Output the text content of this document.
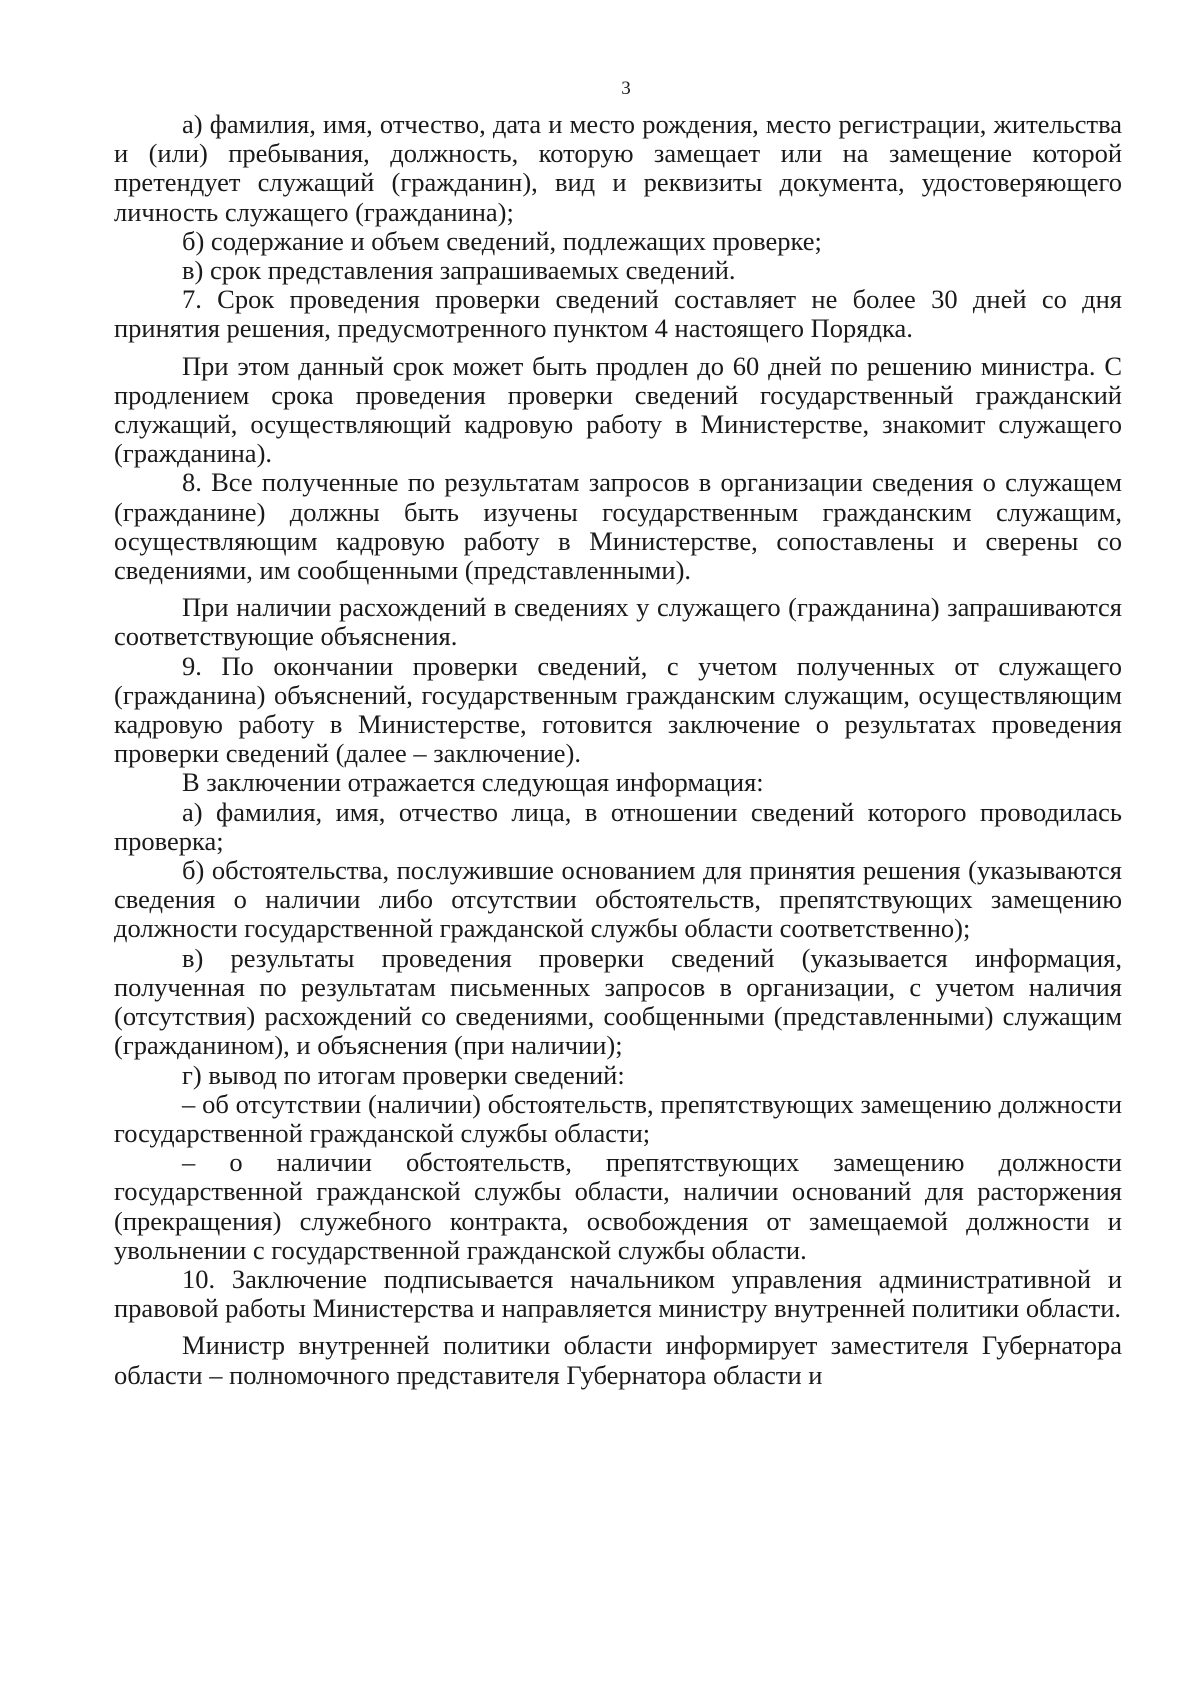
3

а) фамилия, имя, отчество, дата и место рождения, место регистрации, жительства и (или) пребывания, должность, которую замещает или на замещение которой претендует служащий (гражданин), вид и реквизиты документа, удостоверяющего личность служащего (гражданина);

б) содержание и объем сведений, подлежащих проверке;

в) срок представления запрашиваемых сведений.

7. Срок проведения проверки сведений составляет не более 30 дней со дня принятия решения, предусмотренного пунктом 4 настоящего Порядка.

При этом данный срок может быть продлен до 60 дней по решению министра. С продлением срока проведения проверки сведений государственный гражданский служащий, осуществляющий кадровую работу в Министерстве, знакомит служащего (гражданина).

8. Все полученные по результатам запросов в организации сведения о служащем (гражданине) должны быть изучены государственным гражданским служащим, осуществляющим кадровую работу в Министерстве, сопоставлены и сверены со сведениями, им сообщенными (представленными).

При наличии расхождений в сведениях у служащего (гражданина) запрашиваются соответствующие объяснения.

9. По окончании проверки сведений, с учетом полученных от служащего (гражданина) объяснений, государственным гражданским служащим, осуществляющим кадровую работу в Министерстве, готовится заключение о результатах проведения проверки сведений (далее – заключение).

В заключении отражается следующая информация:

а) фамилия, имя, отчество лица, в отношении сведений которого проводилась проверка;

б) обстоятельства, послужившие основанием для принятия решения (указываются сведения о наличии либо отсутствии обстоятельств, препятствующих замещению должности государственной гражданской службы области соответственно);

в) результаты проведения проверки сведений (указывается информация, полученная по результатам письменных запросов в организации, с учетом наличия (отсутствия) расхождений со сведениями, сообщенными (представленными) служащим (гражданином), и объяснения (при наличии);

г) вывод по итогам проверки сведений:

– об отсутствии (наличии) обстоятельств, препятствующих замещению должности государственной гражданской службы области;

– о наличии обстоятельств, препятствующих замещению должности государственной гражданской службы области, наличии оснований для расторжения (прекращения) служебного контракта, освобождения от замещаемой должности и увольнении с государственной гражданской службы области.

10. Заключение подписывается начальником управления административной и правовой работы Министерства и направляется министру внутренней политики области.

Министр внутренней политики области информирует заместителя Губернатора области – полномочного представителя Губернатора области и
